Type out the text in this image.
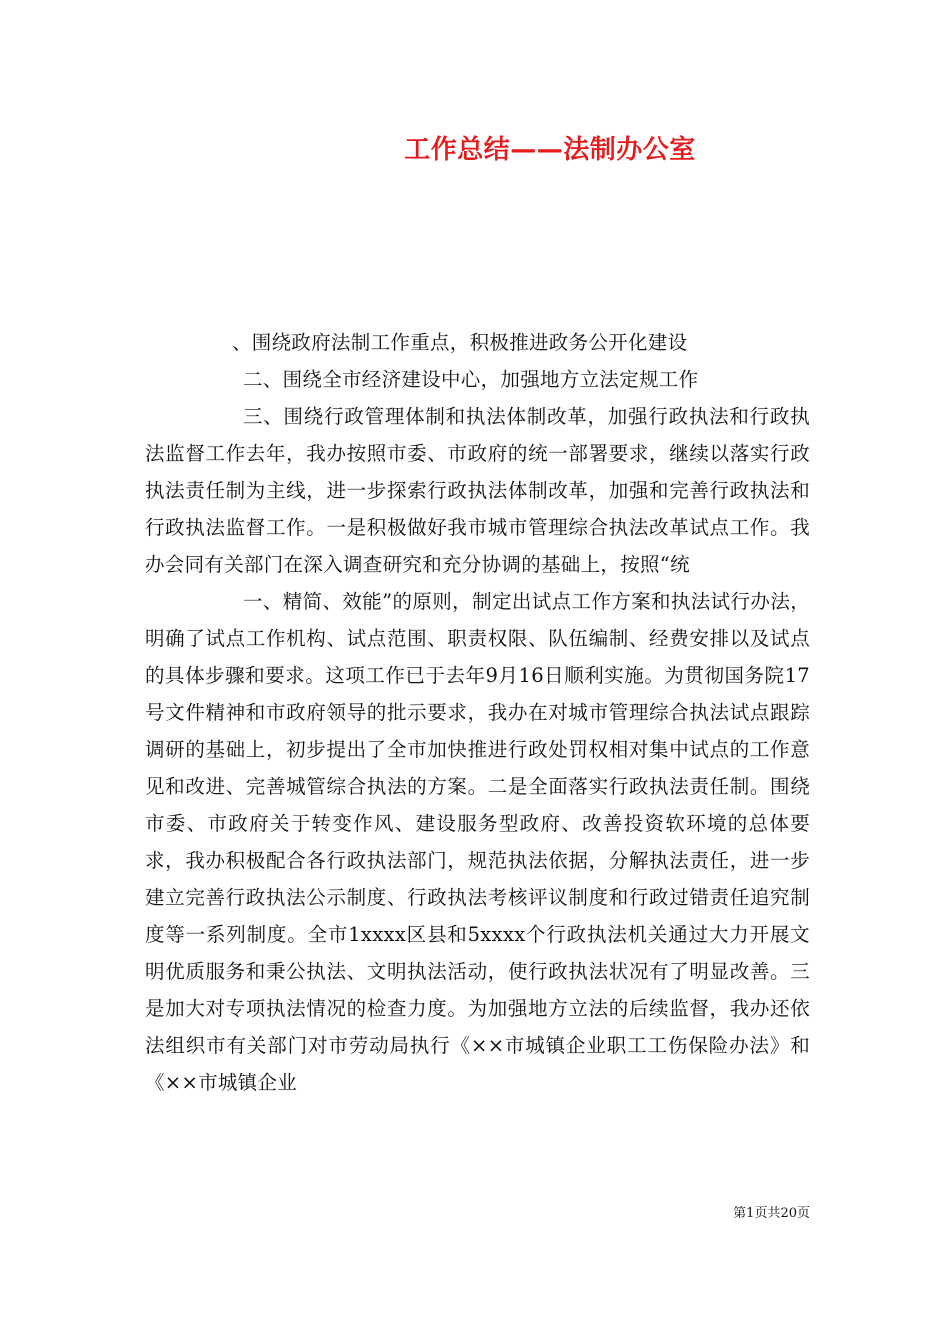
工作总结——法制办公室

、围绕政府法制工作重点，积极推进政务公开化建设

二、围绕全市经济建设中心，加强地方立法定规工作

三、围绕行政管理体制和执法体制改革，加强行政执法和行政执法监督工作去年，我办按照市委、市政府的统一部署要求，继续以落实行政执法责任制为主线，进一步探索行政执法体制改革，加强和完善行政执法和行政执法监督工作。一是积极做好我市城市管理综合执法改革试点工作。我办会同有关部门在深入调查研究和充分协调的基础上，按照“统

一、精简、效能”的原则，制定出试点工作方案和执法试行办法，明确了试点工作机构、试点范围、职责权限、队伍编制、经费安排以及试点的具体步骤和要求。这项工作已于去年9月16日顺利实施。为贯彻国务院17号文件精神和市政府领导的批示要求，我办在对城市管理综合执法试点跟踪调研的基础上，初步提出了全市加快推进行政处罚权相对集中试点的工作意见和改进、完善城管综合执法的方案。二是全面落实行政执法责任制。围绕市委、市政府关于转变作风、建设服务型政府、改善投资软环境的总体要求，我办积极配合各行政执法部门，规范执法依据，分解执法责任，进一步建立完善行政执法公示制度、行政执法考核评议制度和行政过错责任追究制度等一系列制度。全市1xxxx区县和5xxxx个行政执法机关通过大力开展文明优质服务和秉公执法、文明执法活动，使行政执法状况有了明显改善。三是加大对专项执法情况的检查力度。为加强地方立法的后续监督，我办还依法组织市有关部门对市劳动局执行《××市城镇企业职工工伤保险办法》和《××市城镇企业

第1页共20页
